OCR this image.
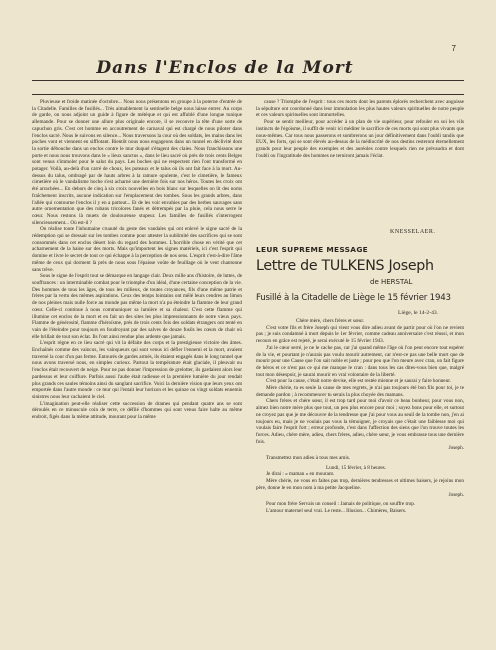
7
Dans l'Enclos de la Mort

Pluvieuse et froide matinée d'octobre... Nous nous présentons en groupe à la poterne d'entrée de la Citadelle. Familles de fusillés... Très aimablement la sentinelle belge nous laisse entrer. Au corps de garde, on nous adjoint un guide à figure de métèque et qui est affublé d'une longue tunique allemande. Pour se donner une allure plus originale encore, il se recouvre la tête d'une sorte de capuchon gris. C'est cet homme en accoutrement de carnaval qui est chargé de nous piloter dans l'enclos sacré. Nous le suivons en silence... Nous traversons la cour où des soldats, les mains dans les poches vont et viennent en sifflotant. Bientôt nous nous engageons dans un tunnel en déclivité dont la sortie débouche dans un enclos contre le mur duquel s'étagent des claies. Nous franchissons une porte et nous nous trouvons dans le « lieux sanctus », dans le lieu sacré où près de trois cents Belges sont venus s'immoler pour le salut du pays. Les boches qui ne respectent rien l'ont transformé en potager. Voilà, au-delà d'un carré de choux, les poteaux et le talus où ils ont fait face à la mort. Au-dessus du talus, ombragé par de hauts arbres à la ramure opulente, c'est le cimetière, le fameux cimetière où le vandalisme boche s'est acharné une dernière fois sur nos héros. Toutes les croix ont été arrachées... En dehors de cinq à six croix nouvelles en bois blanc sur lesquelles on lit des noms fraîchement inscrits, aucune indication sur l'emplacement des tombes. Sous les grands arbres, dans l'allée qui contourne l'enclos il y en a partout... Et de les voir envahies par des herbes sauvages sans autre ornementation que des rubans tricolores fanés et détrempés par la pluie, cela nous serre le cœur. Nous restons là muets de douloureuse stupeur. Les familles de fusillés s'interrogent silencieusement... Où est-il ?

On réalise toute l'inhumaine cruauté du geste des vandales qui ont enlevé le signe sacré de la rédemption qui se dressait sur les tombes comme pour attester la sublimité des sacrifices qui se sont consommés dans cet enclos désert loin du regard des hommes. L'horrible chose en vérité que cet acharnement de la haine sur des morts. Mais qu'importent les signes matériels, ici c'est l'esprit qui domine et livre le secret de tout ce qui échappe à la perception de nos sens. L'esprit c'est-à-dire l'âme même de ceux qui dorment là près de nous sous l'épaisse voûte de feuillage où le vent chantonne sans trêve.

Sous le signe de l'esprit tout se démarque en langage clair. Deux mille ans d'histoire, de luttes, de souffrances : un interminable combat pour le triomphe d'un idéal, d'une certaine conception de la vie. Des hommes de tous les âges, de tous les milieux, de toutes croyances, fils d'une même patrie et frères par la vertu des mêmes aspirations. Ceux des temps lointains ont mêlé leurs cendres au limon de nos pleines mais nulle force au monde pas même la mort n'a pu éteindre la flamme de leur grand cœur. Celle-ci continue à nous communiquer sa lumière et sa chaleur. C'est cette flamme qui illumine cet enclos de la mort et en fait un des sites les plus impressionnants de notre vieux pays. Flamme de générosité, flamme d'héroïsme, près de trois cents fois des soldats étrangers ont tenté en vain de l'éteindre pour toujours en foudroyant par des salves de douze fusils les cœurs de chair où elle brillait de tout son éclat. Ils l'ont ainsi rendue plus ardente que jamais.

L'esprit règne en ce lieu sacré qui vit la défaite des corps et la prestigieuse victoire des âmes. Enchaînés comme des vaincus, les vainqueurs qui sont venus ici défier l'ennemi et la mort, avaient traversé la cour d'un pas ferme. Entourés de gardes armés, ils étaient engagés dans le long tunnel que nous avons traversé nous, en simples curieux. Partout la température était glaciale, il pleuvait ou l'enclos était recouvert de neige. Pour ne pas donner l'impression de grelotter, ils gardaient alors leur pardessus et leur coiffure. Parfois aussi l'aube était radieuse et la première lumière du jour rendait plus grands ces saules témoins ainsi du sanglant sacrifice. Voici la dernière vision que leurs yeux ont emportée dans l'autre monde : ce mur qui l'entait leur horizon et les quinze ou vingt soldats ennemis sinistres nous leur cachaient le ciel.

L'imagination peut-elle réaliser cette succession de drames qui pendant quatre ans se sont déroulés en ce minuscule coin de terre, ce défilé d'hommes qui sont venus faire halte au même endroit, figés dans la même attitude, mourant pour la même

cause ? Triomphe de l'esprit : tous ces morts dont les parents éplorés recherchent avec angoisse la sépulture ont coordonné dans leur immolation les plus hautes valeurs spirituelles de notre peuple et ces valeurs spirituelles sont immortelles.

Pour se sentir meilleur, pour accéder à un plan de vie supérieur, pour refouler en soi les vils instincts de l'égoïsme, il suffit de venir ici méditer le sacrifice de ces morts qui sont plus vivants que nous-mêmes. Car tous nous passerons et sombrerons un jour définitivement dans l'oubli tandis que EUX, les forts, qui se sont élevés au-dessus de la médiocrité de nos destins resteront éternellement grands pour leur peuple des exemples et des auréoles contre lesquels rien ne prévaudra et dont l'oubli ou l'ingratitude des hommes ne terniront jamais l'éclat.

KNESSELAER.
LEUR SUPREME MESSAGE
Lettre de TULKENS Joseph
de HERSTAL
Fusillé à la Citadelle de Liège le 15 février 1943
Liège, le 14-2-43.

Chère mère, chers frères et sœur.

C'est votre fils et frère Joseph qui vient vous dire adieu avant de partir pour où l'on ne revient pas ; je suis condamné à mort depuis le 1er février, comme cadeau anniversaire c'est réussi, et mon recours en grâce est rejeté, je serai exécuté le 15 février 1943.

J'ai le cœur serré, je ne le cache pas, car j'ai quand même l'âge où l'on peut encore tout espérer de la vie, et pourtant je n'aurais pas voulu mourir autrement, car n'est-ce pas une belle mort que de mourir pour une Cause que l'on sait noble et juste ; pour peu que l'on meure avec cran, on fait figure de héros et ce n'est pas ce qui me manque le cran : dans tous les cas dites-vous bien que, malgré tout mon désespoir, je saurai mourir en vrai volontaire de la liberté.

C'est pour la cause, c'était notre devise, elle est restée mienne et je saurai y faire honneur.

Mère chérie, tu es seule la cause de mes regrets, je n'ai pas toujours été bon fils pour toi, je te demande pardon ; à recommencer tu serais la plus choyée des mamans.

Chers frères et chère sœur, il est trop tard pour moi d'avoir ce beau bonheur, pour vous non, aimez bien notre mère plus que tout, un peu plus encore pour moi ; soyez bons pour elle, et surtout ne croyez pas que je me découvre de la tendresse que j'ai pour vous au seuil de la tombe non, j'en ai toujours eu, mais je ne voulais pas vous la témoigner, je croyais que c'était une faiblesse moi qui voulais faire l'esprit fort ; erreur profonde, c'est dans l'affection des siens que l'on trouve toutes les forces. Adieu, chère mère, adieu, chers frères, adieu, chère sœur, je vous embrasse tous une dernière fois.

Joseph.

Transmettez mon adieu à tous mes amis.

Lundi, 15 février, à 8 heures.

Je dirai : « maman » en mourant.

Mère chérie, ne vous en faites pas trop, dernières tendresses et ultimes baisers, je rejoins mon père, donne le en mon nom à ma petite Jacqueline.

Joseph.

Pour mon frère Servais un conseil : Jamais de politique, on souffre trop.

L'amour maternel seul vrai. Le reste... Illusion... Chimères, Baisers.
